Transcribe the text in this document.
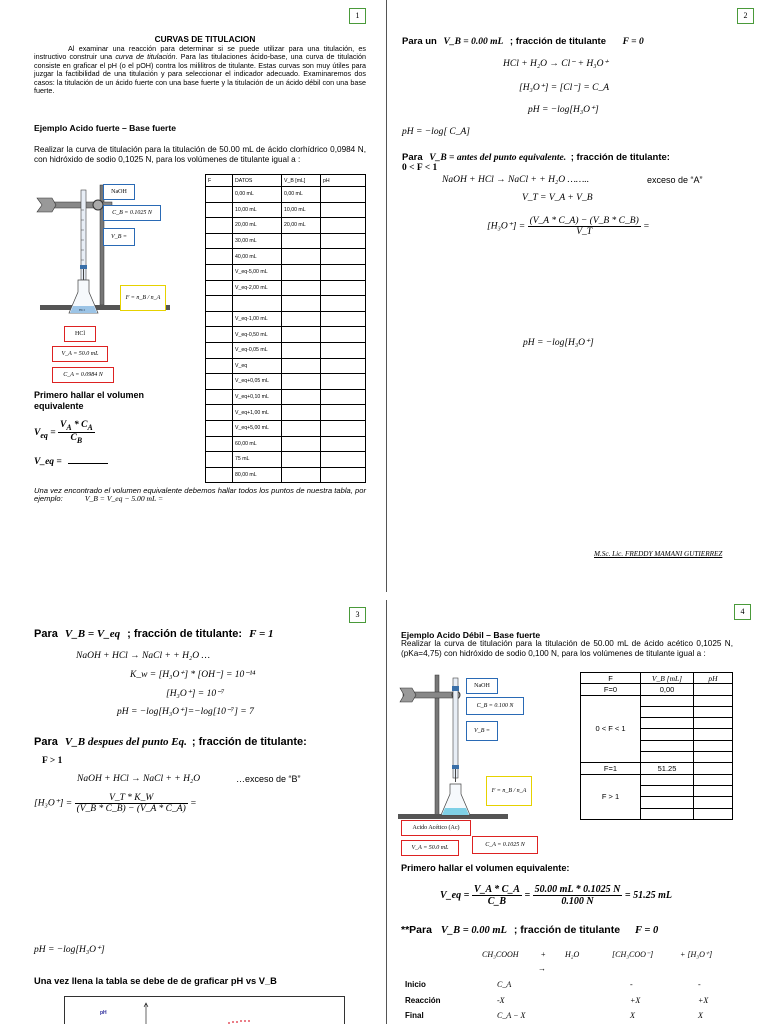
1
CURVAS DE TITULACION
Al examinar una reacción para determinar si se puede utilizar para una titulación, es instructivo construir una curva de titulación. Para las titulaciones ácido-base, una curva de titulación consiste en graficar el pH (o el pOH) contra los mililitros de titulante. Estas curvas son muy útiles para juzgar la factibilidad de una titulación y para seleccionar el indicador adecuado. Examinaremos dos casos: la titulación de un ácido fuerte con una base fuerte y la titulación de un ácido débil con una base fuerte.
Ejemplo Acido fuerte – Base fuerte
Realizar la curva de titulación para la titulación de 50.00 mL de ácido clorhídrico 0,0984 N, con hidróxido de sodio 0,1025 N, para los volúmenes de titulante igual a :
HCl
NaOH
C_B = 0.1025 N
V_B =
F = n_B / n_A
HCl
V_A = 50.0 mL
C_A = 0.0984 N
F	DATOS	V_B [mL]	pH
	0,00 mL	0,00 mL	
	10,00 mL	10,00 mL	
	20,00 mL	20,00 mL	
	30,00 mL		
	40,00 mL		
	V_eq-5,00 mL		
	V_eq-2,00 mL		

	V_eq-1,00 mL		
	V_eq-0,50 mL		
	V_eq-0,05 mL		
	V_eq		
	V_eq+0,05 mL		
	V_eq+0,10 mL		
	V_eq+1,00 mL		
	V_eq+5,00 mL		
	60,00 mL		
	75 mL		
	80,00 mL		
Primero hallar el volumen equivalente
$V_{eq} = \frac{V_A * C_A}{C_B}$
V_eq =
Una vez encontrado el volumen equivalente debemos hallar todos los puntos de nuestra tabla, por ejemplo:	V_B = V_eq − 5.00 mL =
2
Para un V_B = 0.00 mL ; fracción de titulante F = 0
HCl + H₂O → Cl⁻ + H₃O⁺
[H₃O⁺] = [Cl⁻] = C_A
pH = −log[H₃O⁺]
pH = −log[ C_A]
Para V_B = antes del punto equivalente. ; fracción de titulante:
0 < F < 1
NaOH + HCl → NaCl + + H₂O ……..	exceso de “A”
V_T = V_A + V_B
$[H_3O^+] = \frac{(V\_A * C\_A) - (V\_B * C\_B)}{V\_T}$ =
pH = −log[H₃O⁺]
M.Sc. Lic. FREDDY MAMANI GUTIERREZ
3
Para V_B = V_eq ; fracción de titulante: F = 1
NaOH + HCl → NaCl + + H₂O …
K_w = [H₃O⁺] * [OH⁻] = 10⁻¹⁴
[H₃O⁺] = 10⁻⁷
pH = −log[H₃O⁺]=−log[10⁻⁷] = 7
Para V_B despues del punto Eq. ; fracción de titulante:
F > 1
NaOH + HCl → NaCl + + H₂O	…exceso de “B”
$[H_3O^+] = \frac{V\_T * K\_W}{(V\_B * C\_B) - (V\_A * C\_A)}$ =
pH = −log[H₃O⁺]
Una vez llena la tabla se debe de de graficar pH vs V_B
pH
4
Ejemplo Acido Débil – Base fuerte
Realizar la curva de titulación para la titulación de 50.00 mL de ácido acético 0,1025 N, (pKa=4,75) con hidróxido de sodio 0,100 N, para los volúmenes de titulante igual a :
NaOH
C_B = 0.100 N
V_B =
F = n_B / n_A
Acido Acético (Ac)
V_A = 50.0 mL	C_A = 0.1025 N
F	V_B [mL]	pH
F=0	0,00	
0 < F < 1		

F=1	51.25	
F > 1		

Primero hallar el volumen equivalente:
V_eq = $\frac{V\_A * C\_A}{C\_B} = \frac{50.00 mL * 0.1025 N}{0.100 N} = 51.25$ mL
**Para V_B = 0.00 mL ; fracción de titulante F = 0
CH₃COOH	+ H₂O	[CH₃COO⁻]	+ [H₃O⁺]
→
Inicio	C_A	-	-
Reacción	-X	+X	+X
Final	C_A − X	X	X
